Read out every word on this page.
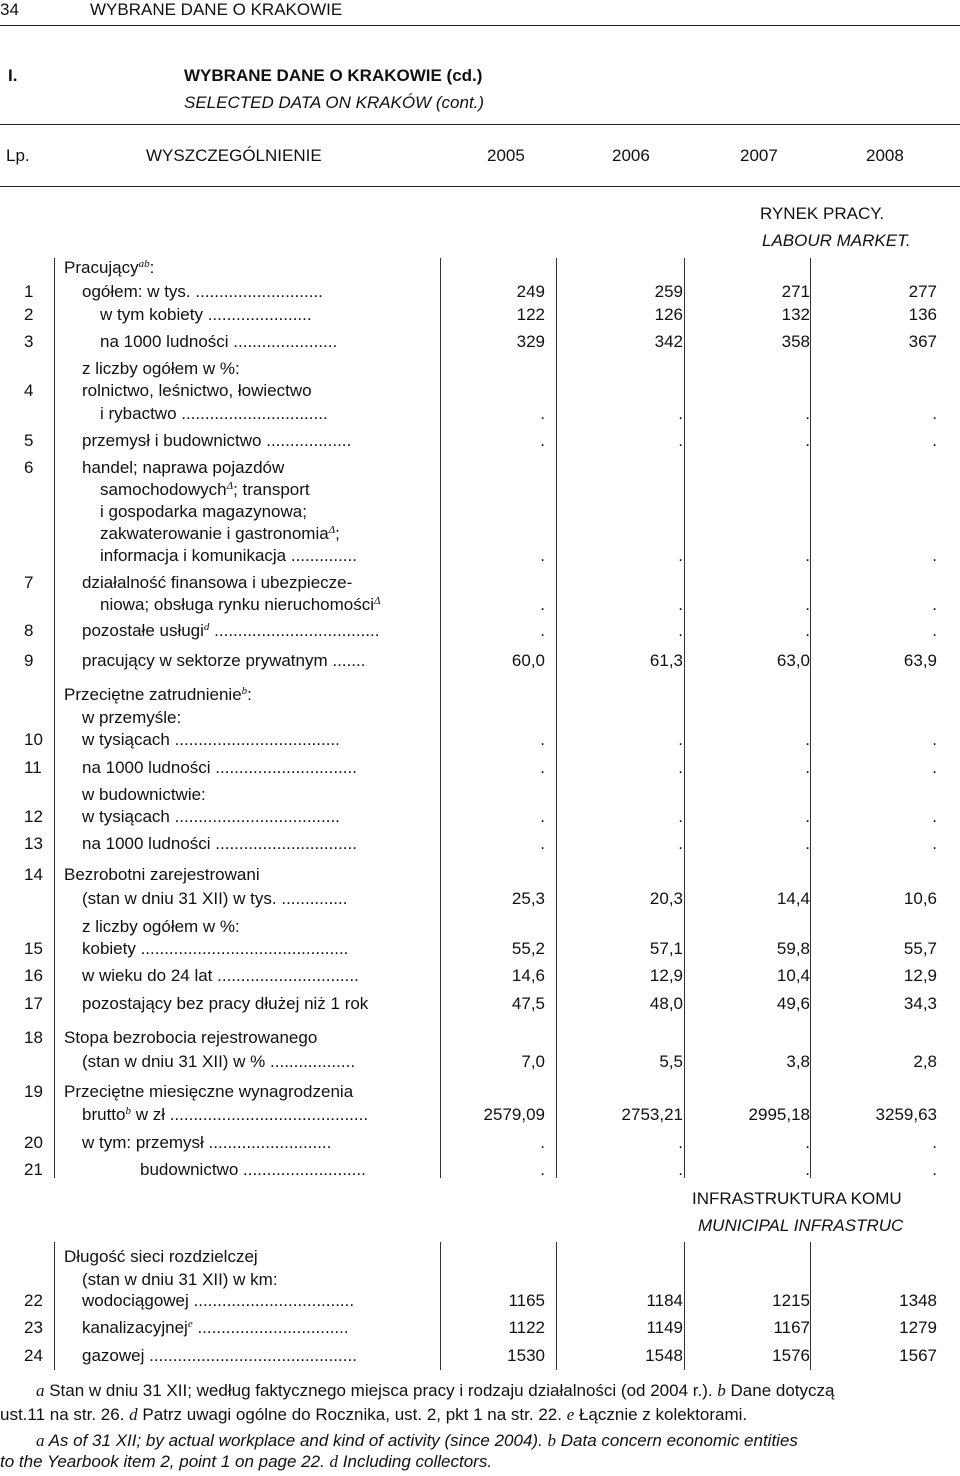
34	WYBRANE DANE O KRAKOWIE
I.	WYBRANE DANE O KRAKOWIE (cd.)
SELECTED DATA ON KRAKÓW (cont.)
Lp.	WYSZCZEGÓLNIENIE	2005	2006	2007	2008
RYNEK PRACY.
LABOUR MARKET.
INFRASTRUKTURA KOMU
MUNICIPAL INFRASTRUC
Pracujący$^{ab}$:
1	ogółem: w tys. ...........................	249	259	271	277
2	w tym kobiety ......................	122	126	132	136
3	na 1000 ludności ......................	329	342	358	367
z liczby ogółem w %:
4	rolnictwo, leśnictwo, łowiectwo
i rybactwo ...............................	.	.	.	.
5	przemysł i budownictwo ..................	.	.	.	.
6	handel; naprawa pojazdów
samochodowych$^\Delta$; transport
i gospodarka magazynowa;
zakwaterowanie i gastronomia$^\Delta$;
informacja i komunikacja ..............	.	.	.	.
7	działalność finansowa i ubezpiecze-
niowa; obsługa rynku nieruchomości$^\Delta$	.	.	.	.
8	pozostałe usługi$^d$ ...................................	.	.	.	.
9	pracujący w sektorze prywatnym .......	60,0	61,3	63,0	63,9
Przeciętne zatrudnienie$^b$:
w przemyśle:
10 w tysiącach ...................................	.	.	.	.
11 na 1000 ludności ..............................	.	.	.	.
w budownictwie:
12 w tysiącach ...................................	.	.	.	.
13 na 1000 ludności ..............................	.	.	.	.
14 Bezrobotni zarejestrowani
(stan w dniu 31 XII) w tys. ..............	25,3	20,3	14,4	10,6
z liczby ogółem w %:
15 kobiety ............................................	55,2	57,1	59,8	55,7
16 w wieku do 24 lat ..............................	14,6	12,9	10,4	12,9
17 pozostający bez pracy dłużej niż 1 rok	47,5	48,0	49,6	34,3
18 Stopa bezrobocia rejestrowanego
(stan w dniu 31 XII) w % ..................	7,0	5,5	3,8	2,8
19 Przeciętne miesięczne wynagrodzenia
brutto$^b$ w zł ..........................................	2579,09	2753,21	2995,18	3259,63
20 w tym: przemysł ..........................	.	.	.	.
21	budownictwo ..........................	.	.	.	.
Długość sieci rozdzielczej
(stan w dniu 31 XII) w km:
22 wodociągowej ..................................	1165	1184	1215	1348
23 kanalizacyjnej$^e$ ................................	1122	1149	1167	1279
24 gazowej ............................................	1530	1548	1576	1567
a Stan w dniu 31 XII; według faktycznego miejsca pracy i rodzaju działalności (od 2004 r.). b Dane dotyczą
ust.11 na str. 26. d Patrz uwagi ogólne do Rocznika, ust. 2, pkt 1 na str. 22. e Łącznie z kolektorami.
a As of 31 XII; by actual workplace and kind of activity (since 2004). b Data concern economic entities
to the Yearbook item 2, point 1 on page 22. d Including collectors.
